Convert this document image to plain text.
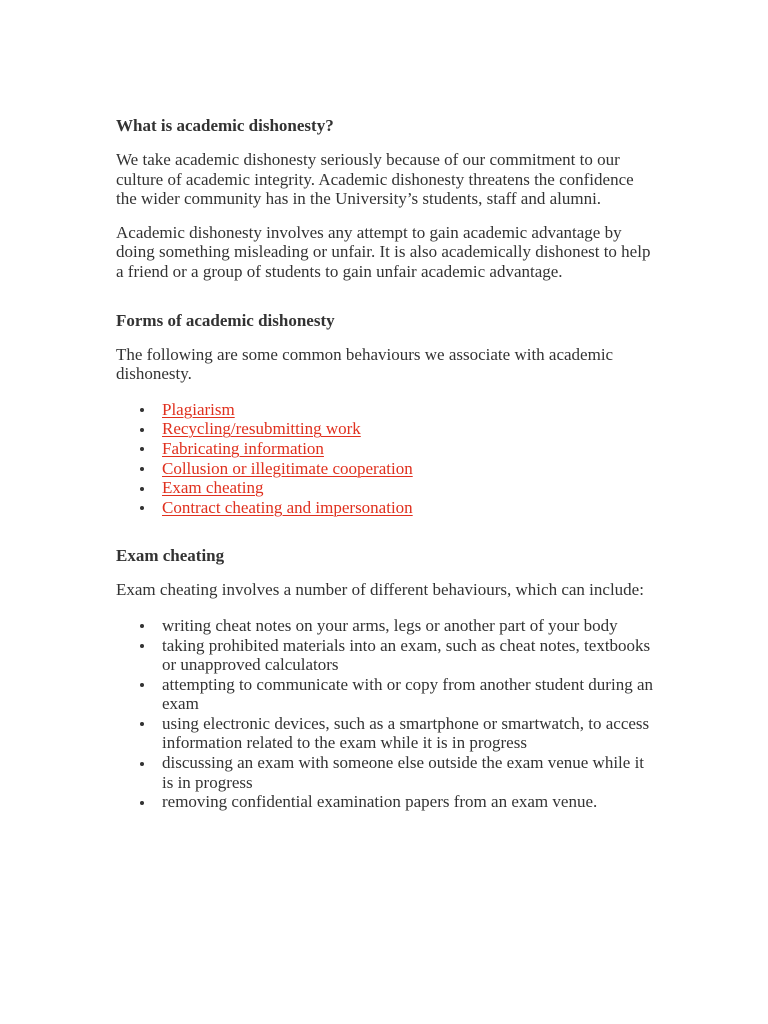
What is academic dishonesty?

We take academic dishonesty seriously because of our commitment to our culture of academic integrity. Academic dishonesty threatens the confidence the wider community has in the University’s students, staff and alumni.

Academic dishonesty involves any attempt to gain academic advantage by doing something misleading or unfair. It is also academically dishonest to help a friend or a group of students to gain unfair academic advantage.

Forms of academic dishonesty

The following are some common behaviours we associate with academic dishonesty.

Plagiarism
Recycling/resubmitting work
Fabricating information
Collusion or illegitimate cooperation
Exam cheating
Contract cheating and impersonation
Exam cheating

Exam cheating involves a number of different behaviours, which can include:

writing cheat notes on your arms, legs or another part of your body
taking prohibited materials into an exam, such as cheat notes, textbooks or unapproved calculators
attempting to communicate with or copy from another student during an exam
using electronic devices, such as a smartphone or smartwatch, to access information related to the exam while it is in progress
discussing an exam with someone else outside the exam venue while it is in progress
removing confidential examination papers from an exam venue.
